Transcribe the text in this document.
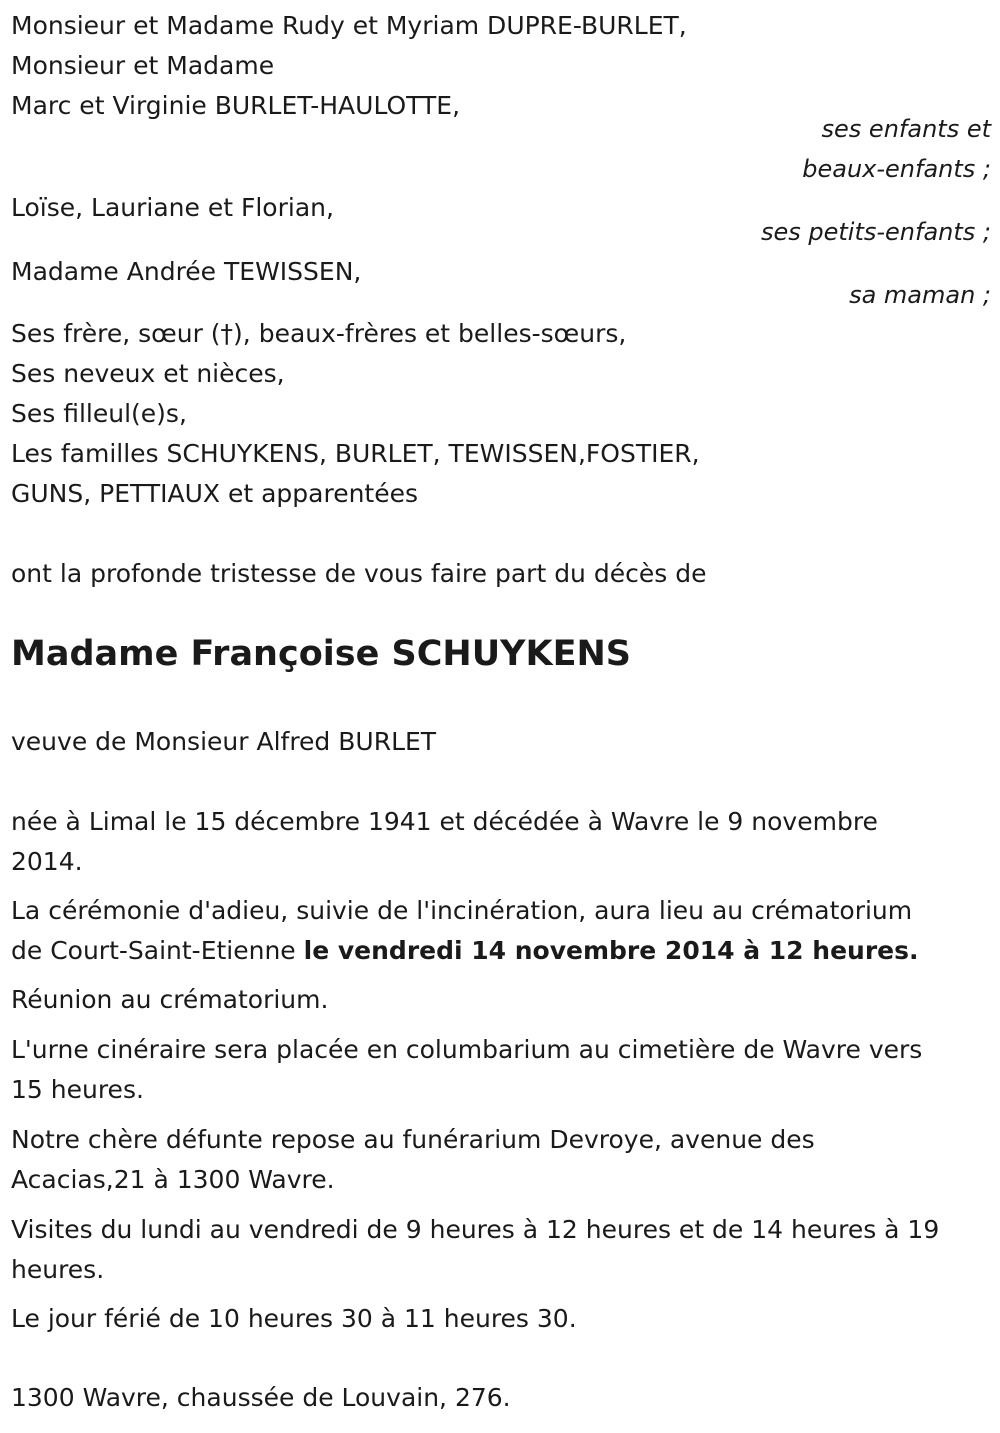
Monsieur et Madame Rudy et Myriam DUPRE-BURLET,
Monsieur et Madame
Marc et Virginie BURLET-HAULOTTE,
ses enfants et
beaux-enfants ;
Loïse, Lauriane et Florian,
ses petits-enfants ;
Madame Andrée TEWISSEN,
sa maman ;
Ses frère, sœur (†), beaux-frères et belles-sœurs,
Ses neveux et nièces,
Ses filleul(e)s,
Les familles SCHUYKENS, BURLET, TEWISSEN,FOSTIER,
GUNS, PETTIAUX et apparentées
ont la profonde tristesse de vous faire part du décès de
Madame Françoise SCHUYKENS
veuve de Monsieur Alfred BURLET
née à Limal le 15 décembre 1941 et décédée à Wavre le 9 novembre
2014.
La cérémonie d'adieu, suivie de l'incinération, aura lieu au crématorium
de Court-Saint-Etienne le vendredi 14 novembre 2014 à 12 heures.
Réunion au crématorium.
L'urne cinéraire sera placée en columbarium au cimetière de Wavre vers
15 heures.
Notre chère défunte repose au funérarium Devroye, avenue des
Acacias,21 à 1300 Wavre.
Visites du lundi au vendredi de 9 heures à 12 heures et de 14 heures à 19
heures.
Le jour férié de 10 heures 30 à 11 heures 30.
1300 Wavre, chaussée de Louvain, 276.
